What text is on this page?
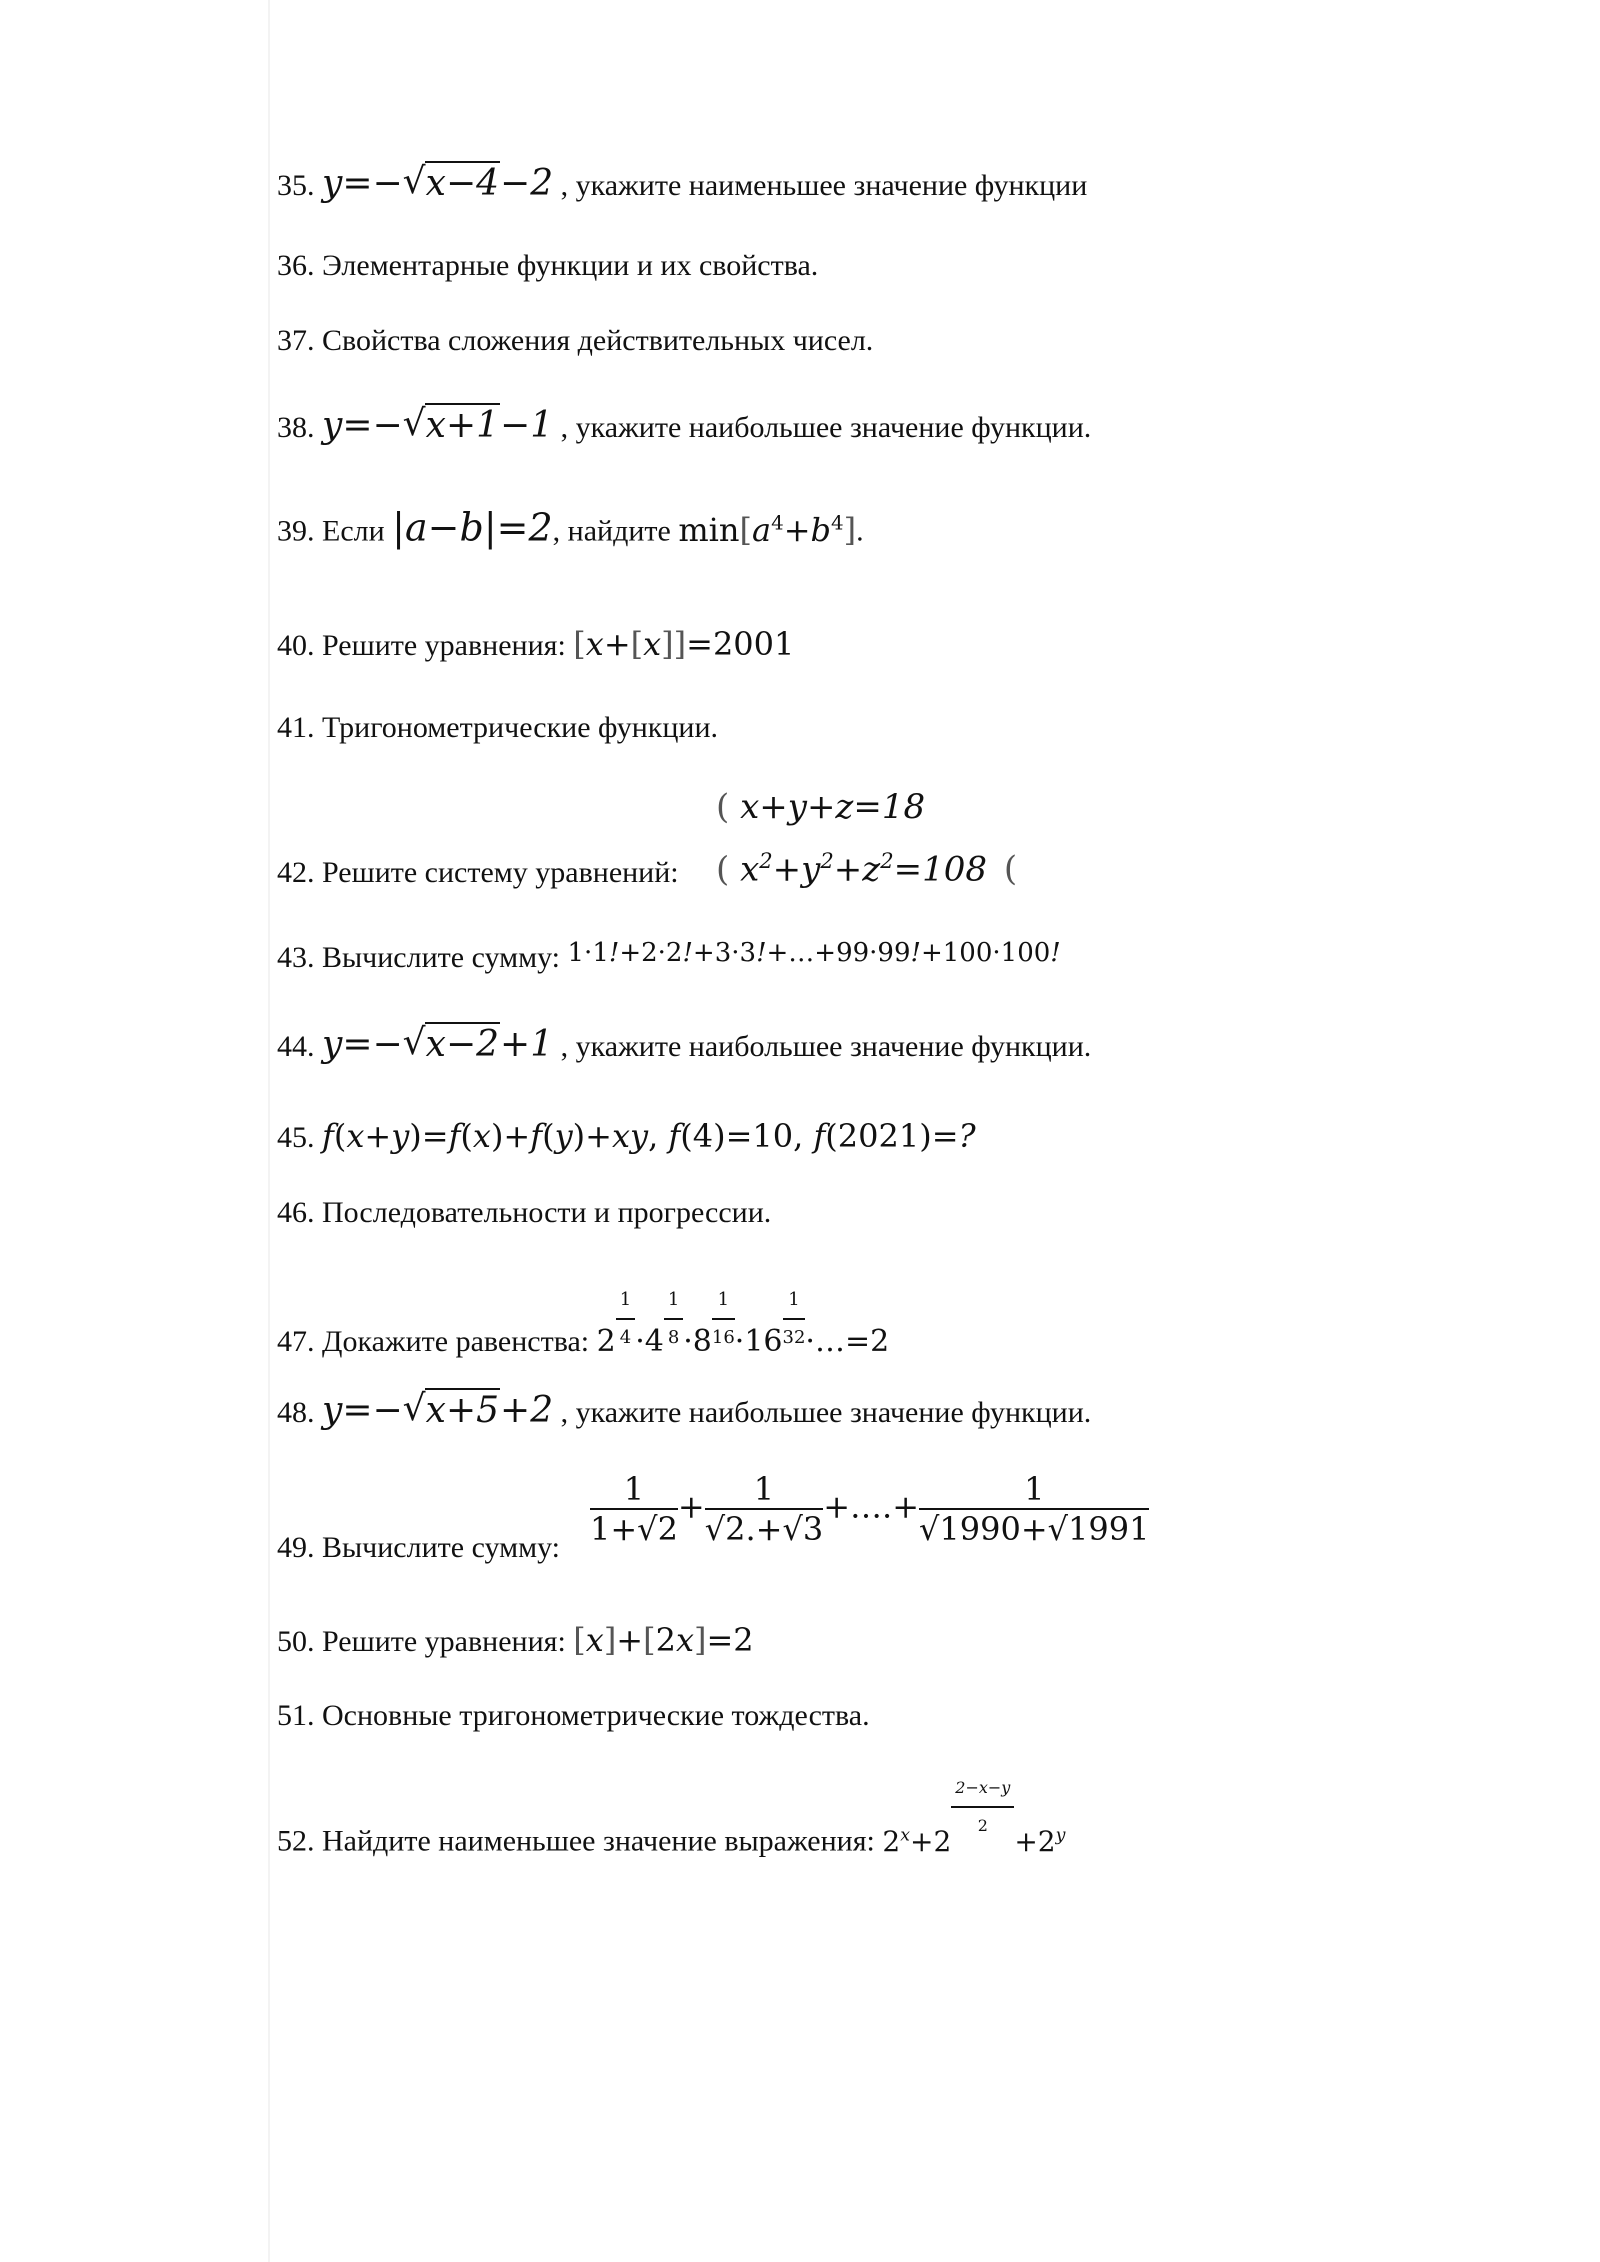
35. y=− √ x−4−2 , укажите наименьшее значение функции
36. Элементарные функции и их свойства.
37. Свойства сложения действительных чисел.
38. y=− √ x+1−1 , укажите наибольшее значение функции.
39. Если |a−b|=2, найдите $\min[a^4+b^4]$.
40. Решите уравнения: [x+[x]]=2001
41. Тригонометрические функции.
42. Решите систему уравнений:
( x+y+z=18
( $x^2+y^2+z^2=108$ (
43. Вычислите сумму: 1·1!+2·2!+3·3!+…+99·99!+100·100!
44. y=− √ x−2+1 , укажите наибольшее значение функции.
45. f(x+y)=f(x)+f(y)+xy, f(4)=10, f(2021)=?
46. Последовательности и прогрессии.
47. Докажите равенства: $2 \frac{1}{4} \cdot 4 \frac{1}{8} \cdot 8 \frac{1}{16} \cdot 16 \frac{1}{32}$ ·…=2
48. y=− √ x+5+2 , укажите наибольшее значение функции.
49. Вычислите сумму: $\frac{1}{1+√2} + \frac{1}{√2.+√3}$ +….+ $\frac{1}{√1990+√1991}$
50. Решите уравнения: [x]+[2x]=2
51. Основные тригонометрические тождества.
52. Найдите наименьшее значение выражения: $2^x+2 \frac{2-x-y}{2} +2^y$
